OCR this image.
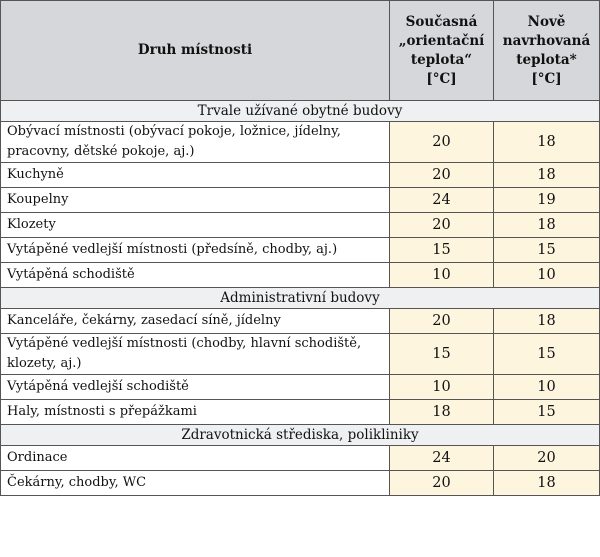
Druh místnosti	Současná
„orientační
teplota“
[°C]	Nově
navrhovaná
teplota*
[°C]
Trvale užívané obytné budovy		
Obývací místnosti (obývací pokoje, ložnice, jídelny, pracovny, dětské pokoje, aj.)	20	18
Kuchyně	20	18
Koupelny	24	19
Klozety	20	18
Vytápěné vedlejší místnosti (předsíně, chodby, aj.)	15	15
Vytápěná schodiště	10	10
Administrativní budovy		
Kanceláře, čekárny, zasedací síně, jídelny	20	18
Vytápěné vedlejší místnosti (chodby, hlavní schodiště, klozety, aj.)	15	15
Vytápěná vedlejší schodiště	10	10
Haly, místnosti s přepážkami	18	15
Zdravotnická střediska, polikliniky		
Ordinace	24	20
Čekárny, chodby, WC	20	18
